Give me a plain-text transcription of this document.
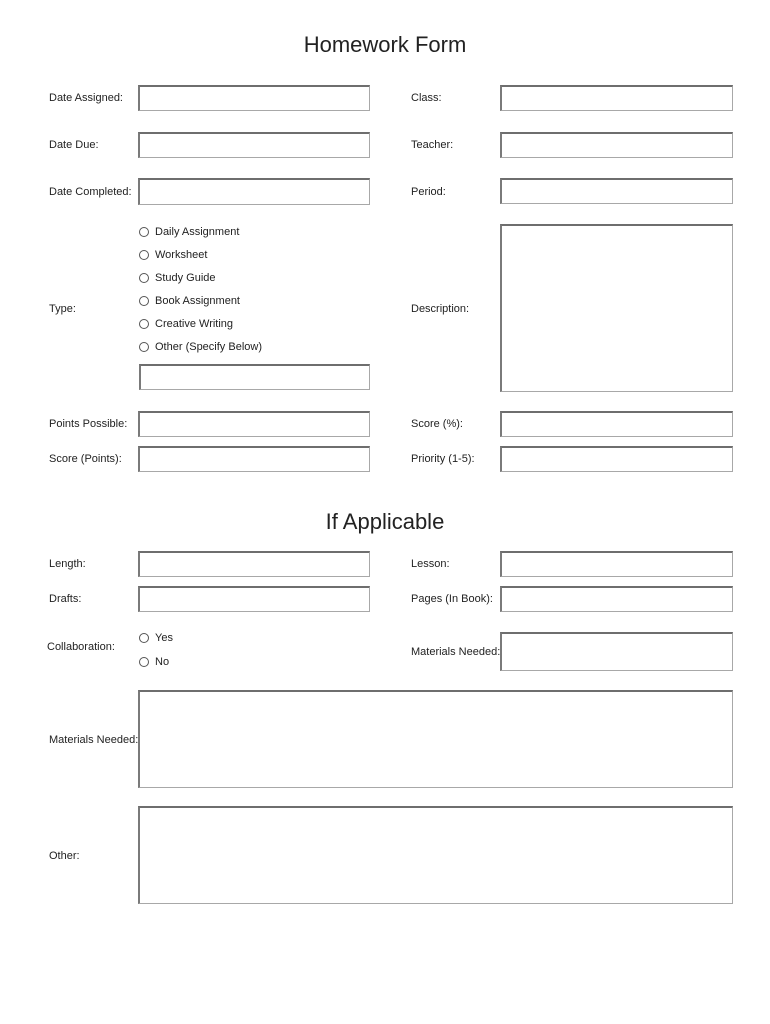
Homework Form
Date Assigned:	Class:
Date Due:	Teacher:
Date Completed:	Period:
Type:
Daily Assignment
Worksheet
Study Guide
Book Assignment
Creative Writing
Other (Specify Below)
Description:
Points Possible:	Score (%):
Score (Points):	Priority (1-5):
If Applicable
Length:	Lesson:
Drafts:	Pages (In Book):
Collaboration:
Yes
No
Materials Needed:
Materials Needed:
Other:
